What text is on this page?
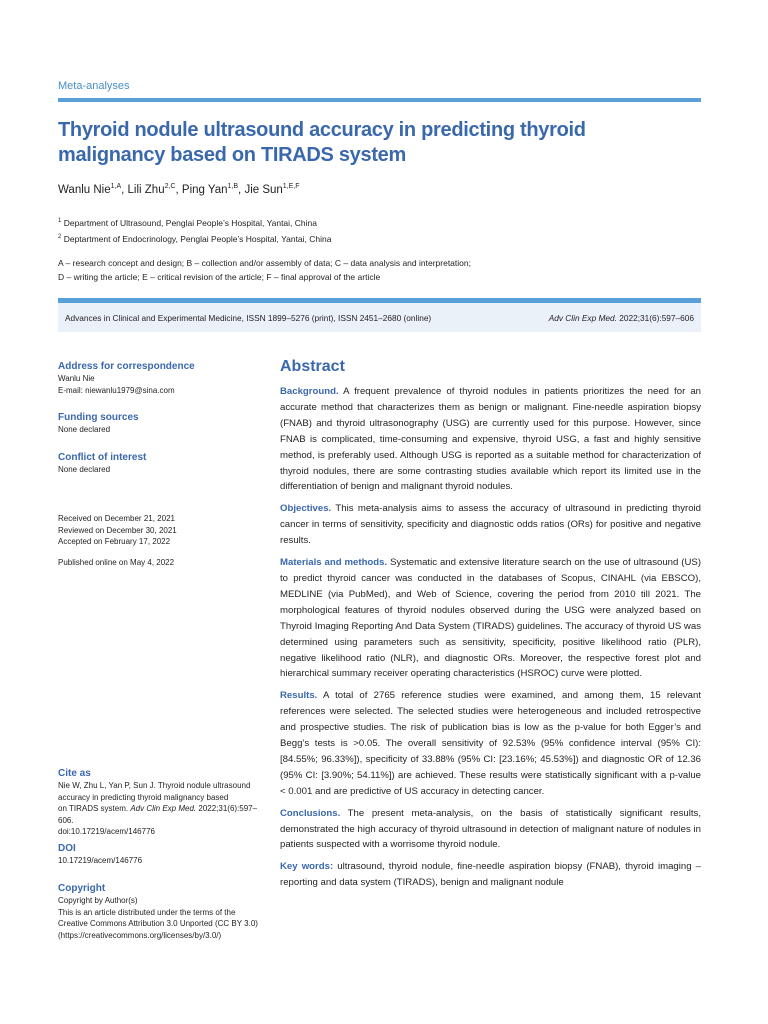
Meta-analyses
Thyroid nodule ultrasound accuracy in predicting thyroid malignancy based on TIRADS system
Wanlu Nie$^{1,A}$, Lili Zhu$^{2,C}$, Ping Yan$^{1,B}$, Jie Sun$^{1,E,F}$
$^1$ Department of Ultrasound, Penglai People’s Hospital, Yantai, China
$^2$ Deptartment of Endocrinology, Penglai People’s Hospital, Yantai, China
A – research concept and design; B – collection and/or assembly of data; C – data analysis and interpretation;
D – writing the article; E – critical revision of the article; F – final approval of the article
Advances in Clinical and Experimental Medicine, ISSN 1899–5276 (print), ISSN 2451–2680 (online)	Adv Clin Exp Med. 2022;31(6):597–606

Address for correspondence

Wanlu Nie

E-mail: niewanlu1979@sina.com

Funding sources

None declared

Conflict of interest

None declared

Received on December 21, 2021

Reviewed on December 30, 2021

Accepted on February 17, 2022

Published online on May 4, 2022

Cite as

Nie W, Zhu L, Yan P, Sun J. Thyroid nodule ultrasound

accuracy in predicting thyroid malignancy based

on TIRADS system. Adv Clin Exp Med. 2022;31(6):597–606.

doi:10.17219/acem/146776

DOI

10.17219/acem/146776

Copyright

Copyright by Author(s)

This is an article distributed under the terms of the

Creative Commons Attribution 3.0 Unported (CC BY 3.0)

(https://creativecommons.org/licenses/by/3.0/)

Abstract

Background. A frequent prevalence of thyroid nodules in patients prioritizes the need for an accurate method that characterizes them as benign or malignant. Fine-needle aspiration biopsy (FNAB) and thyroid ultrasonography (USG) are currently used for this purpose. However, since FNAB is complicated, time-consuming and expensive, thyroid USG, a fast and highly sensitive method, is preferably used. Although USG is reported as a suitable method for characterization of thyroid nodules, there are some contrasting studies available which report its limited use in the differentiation of benign and malignant thyroid nodules.

Objectives. This meta-analysis aims to assess the accuracy of ultrasound in predicting thyroid cancer in terms of sensitivity, specificity and diagnostic odds ratios (ORs) for positive and negative results.

Materials and methods. Systematic and extensive literature search on the use of ultrasound (US) to predict thyroid cancer was conducted in the databases of Scopus, CINAHL (via EBSCO), MEDLINE (via PubMed), and Web of Science, covering the period from 2010 till 2021. The morphological features of thyroid nodules observed during the USG were analyzed based on Thyroid Imaging Reporting And Data System (TIRADS) guidelines. The accuracy of thyroid US was determined using parameters such as sensitivity, specificity, positive likelihood ratio (PLR), negative likelihood ratio (NLR), and diagnostic ORs. Moreover, the respective forest plot and hierarchical summary receiver operating characteristics (HSROC) curve were plotted.

Results. A total of 2765 reference studies were examined, and among them, 15 relevant references were selected. The selected studies were heterogeneous and included retrospective and prospective studies. The risk of publication bias is low as the p-value for both Egger’s and Begg’s tests is >0.05. The overall sensitivity of 92.53% (95% confidence interval (95% CI): [84.55%; 96.33%]), specificity of 33.88% (95% CI: [23.16%; 45.53%]) and diagnostic OR of 12.36 (95% CI: [3.90%; 54.11%]) are achieved. These results were statistically significant with a p-value < 0.001 and are predictive of US accuracy in detecting cancer.

Conclusions. The present meta-analysis, on the basis of statistically significant results, demonstrated the high accuracy of thyroid ultrasound in detection of malignant nature of nodules in patients suspected with a worrisome thyroid nodule.

Key words: ultrasound, thyroid nodule, fine-needle aspiration biopsy (FNAB), thyroid imaging – reporting and data system (TIRADS), benign and malignant nodule
